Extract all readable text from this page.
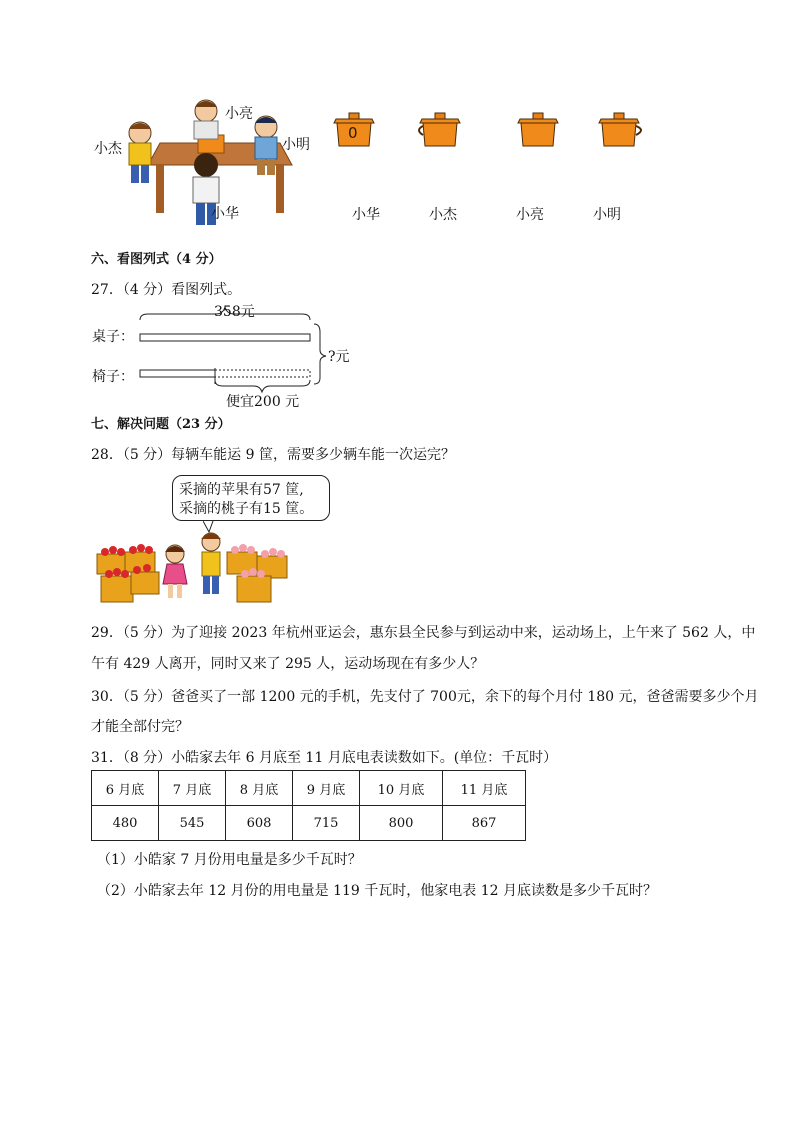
小杰
小亮
小明
小华
0
小华	小杰	小亮	小明
六、看图列式（4 分）
27．（4 分）看图列式。
358元
桌子：
椅子：
?元
便宜200 元
七、解决问题（23 分）
28．（5 分）每辆车能运 9 筐，需要多少辆车能一次运完？
采摘的苹果有57 筐,
采摘的桃子有15 筐。
29．（5 分）为了迎接 2023 年杭州亚运会，惠东县全民参与到运动中来，运动场上，上午来了 562 人，中
午有 429 人离开，同时又来了 295 人，运动场现在有多少人？
30．（5 分）爸爸买了一部 1200 元的手机，先支付了 700元，余下的每个月付 180 元，爸爸需要多少个月
才能全部付完？
31．（8 分）小皓家去年 6 月底至 11 月底电表读数如下。(单位：千瓦时）
6 月底	7 月底	8 月底	9 月底	10 月底	11 月底
480	545	608	715	800	867
（1）小皓家 7 月份用电量是多少千瓦时？
（2）小皓家去年 12 月份的用电量是 119 千瓦时，他家电表 12 月底读数是多少千瓦时？
